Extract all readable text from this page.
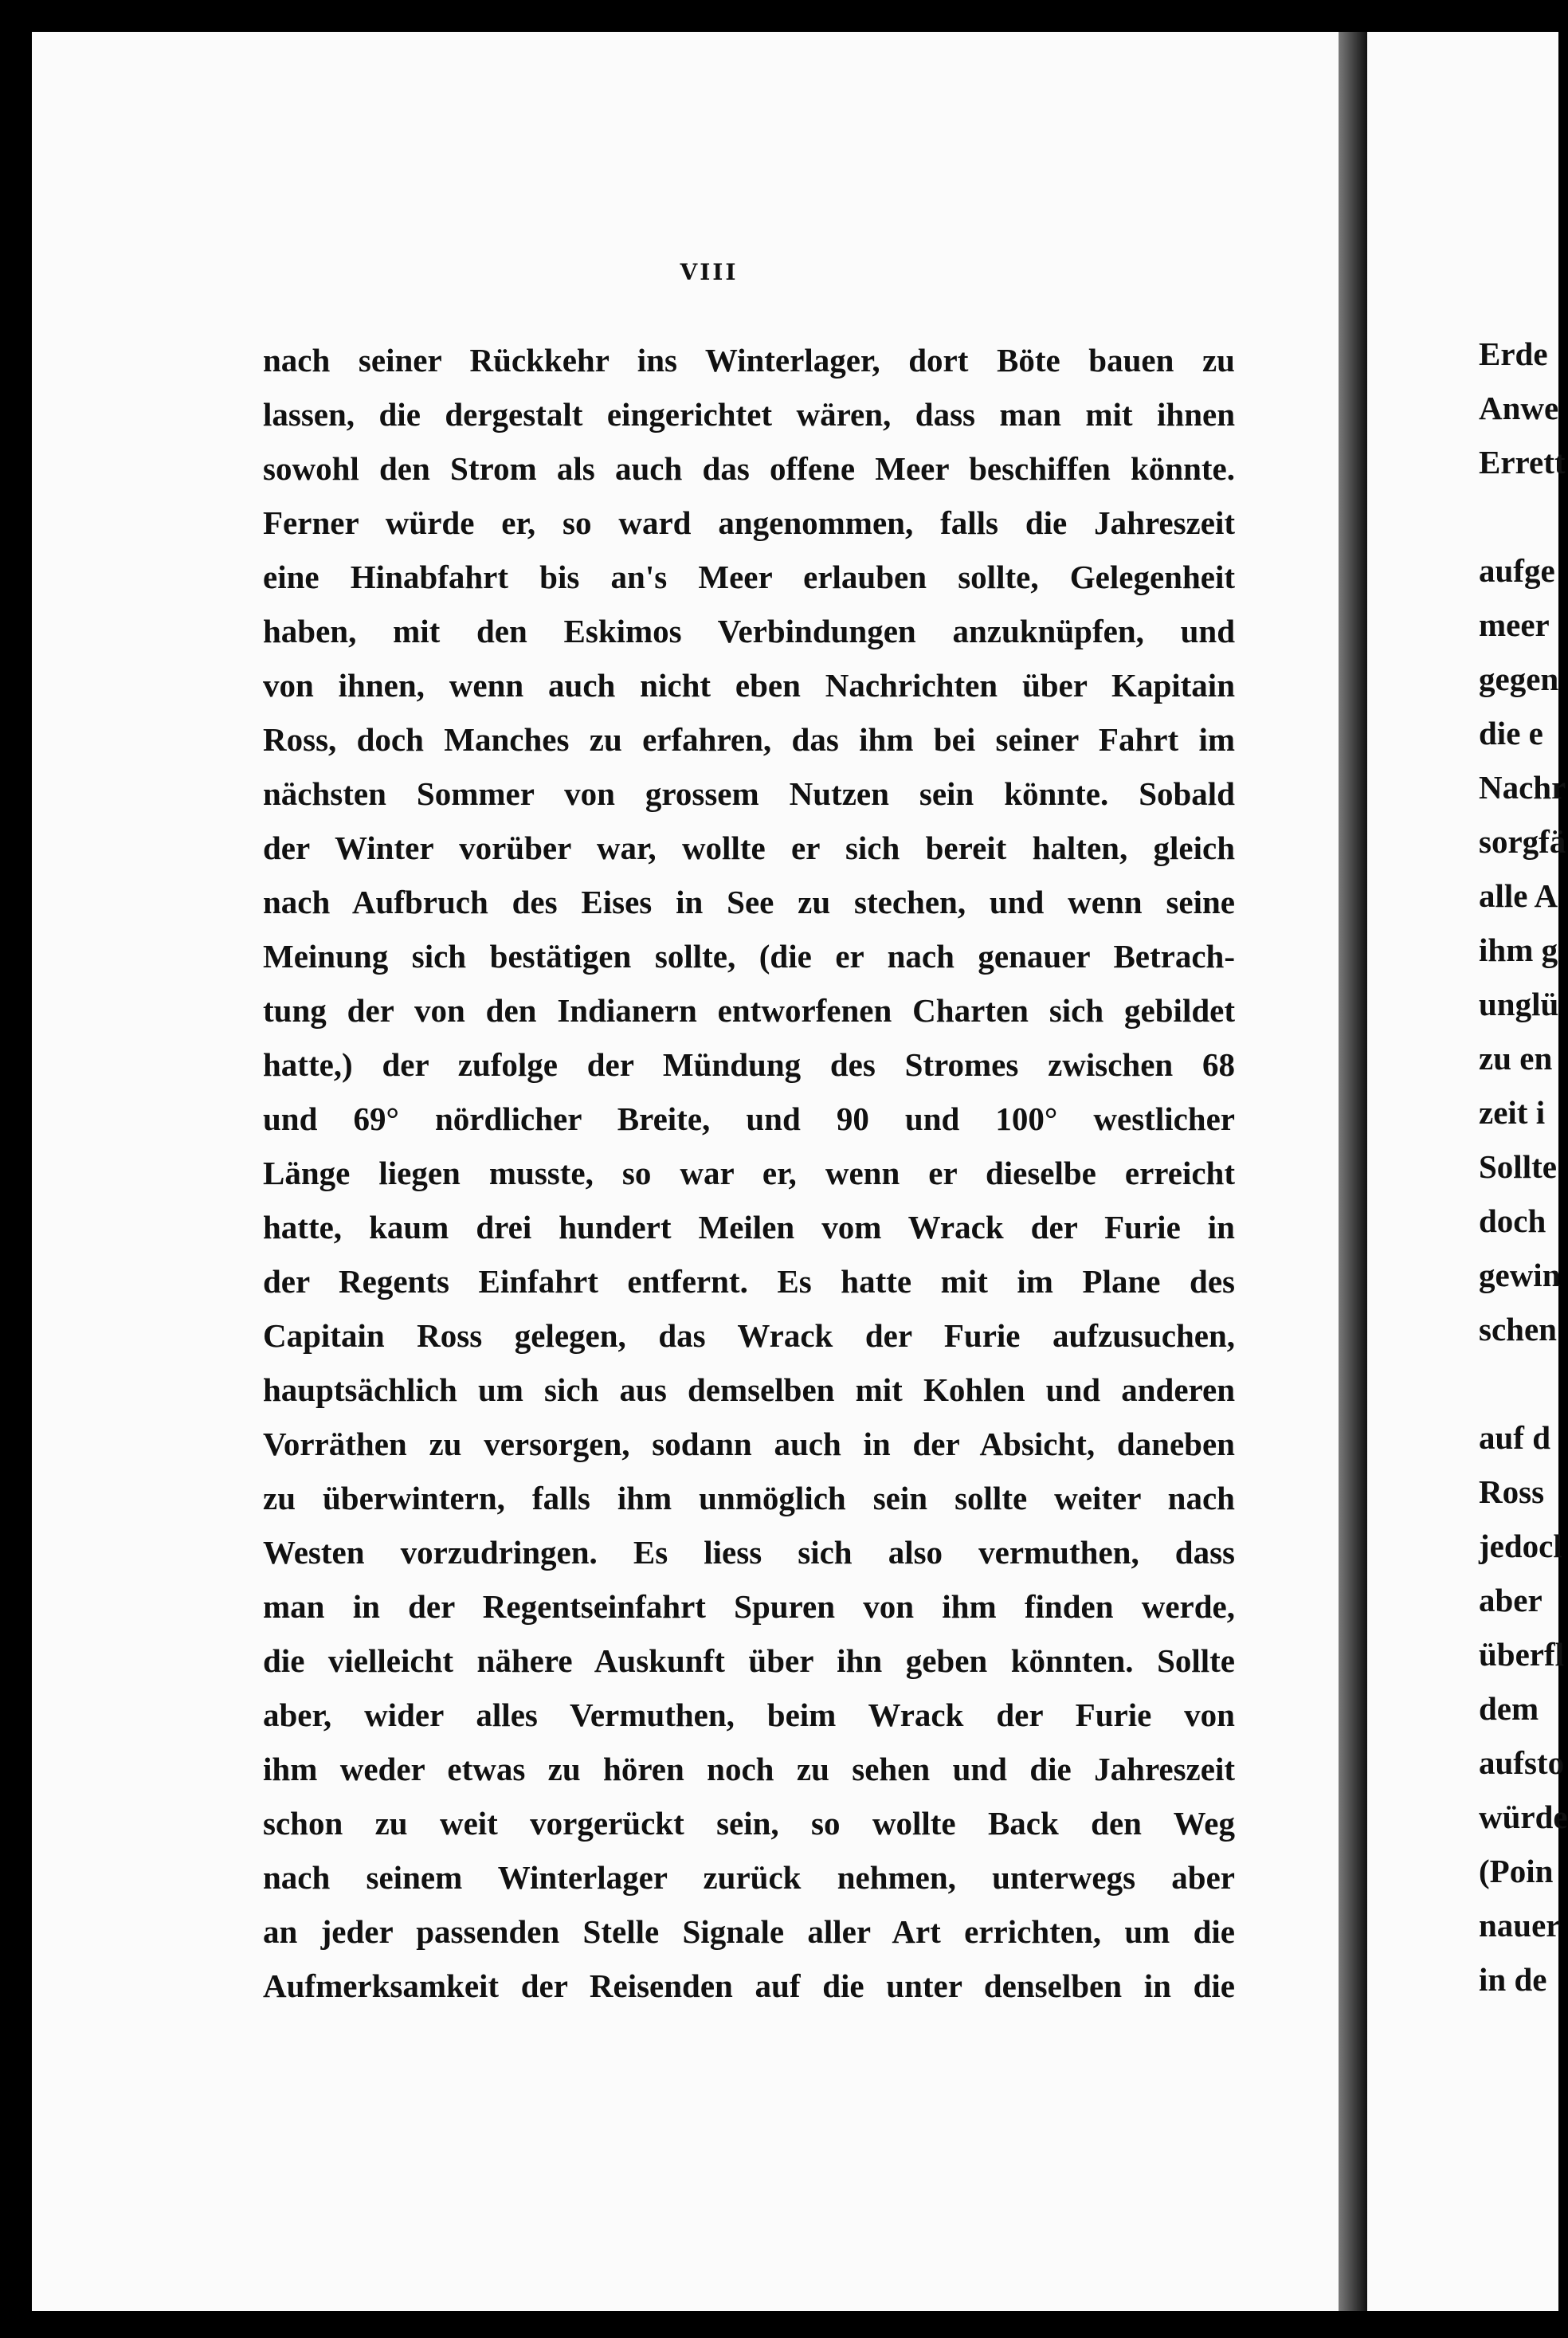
VIII
nach seiner Rückkehr ins Winterlager, dort Böte bauen zu
lassen, die dergestalt eingerichtet wären, dass man mit ihnen
sowohl den Strom als auch das offene Meer beschiffen könnte.
Ferner würde er, so ward angenommen, falls die Jahreszeit
eine Hinabfahrt bis an's Meer erlauben sollte, Gelegenheit
haben, mit den Eskimos Verbindungen anzuknüpfen, und
von ihnen, wenn auch nicht eben Nachrichten über Kapitain
Ross, doch Manches zu erfahren, das ihm bei seiner Fahrt im
nächsten Sommer von grossem Nutzen sein könnte. Sobald
der Winter vorüber war, wollte er sich bereit halten, gleich
nach Aufbruch des Eises in See zu stechen, und wenn seine
Meinung sich bestätigen sollte, (die er nach genauer Betrach-
tung der von den Indianern entworfenen Charten sich gebildet
hatte,) der zufolge der Mündung des Stromes zwischen 68
und 69° nördlicher Breite, und 90 und 100° westlicher
Länge liegen musste, so war er, wenn er dieselbe erreicht
hatte, kaum drei hundert Meilen vom Wrack der Furie in
der Regents Einfahrt entfernt. Es hatte mit im Plane des
Capitain Ross gelegen, das Wrack der Furie aufzusuchen,
hauptsächlich um sich aus demselben mit Kohlen und anderen
Vorräthen zu versorgen, sodann auch in der Absicht, daneben
zu überwintern, falls ihm unmöglich sein sollte weiter nach
Westen vorzudringen. Es liess sich also vermuthen, dass
man in der Regentseinfahrt Spuren von ihm finden werde,
die vielleicht nähere Auskunft über ihn geben könnten. Sollte
aber, wider alles Vermuthen, beim Wrack der Furie von
ihm weder etwas zu hören noch zu sehen und die Jahreszeit
schon zu weit vorgerückt sein, so wollte Back den Weg
nach seinem Winterlager zurück nehmen, unterwegs aber
an jeder passenden Stelle Signale aller Art errichten, um die
Aufmerksamkeit der Reisenden auf die unter denselben in die
Erde
Anwe
Errett
aufge
meer
gegen
die e
Nachr
sorgfä
alle A
ihm g
unglü
zu en
zeit i
Sollte
doch
gewin
schen
auf d
Ross
jedocl
aber
überfl
dem
aufsto
würde
(Poin
nauer
in de
